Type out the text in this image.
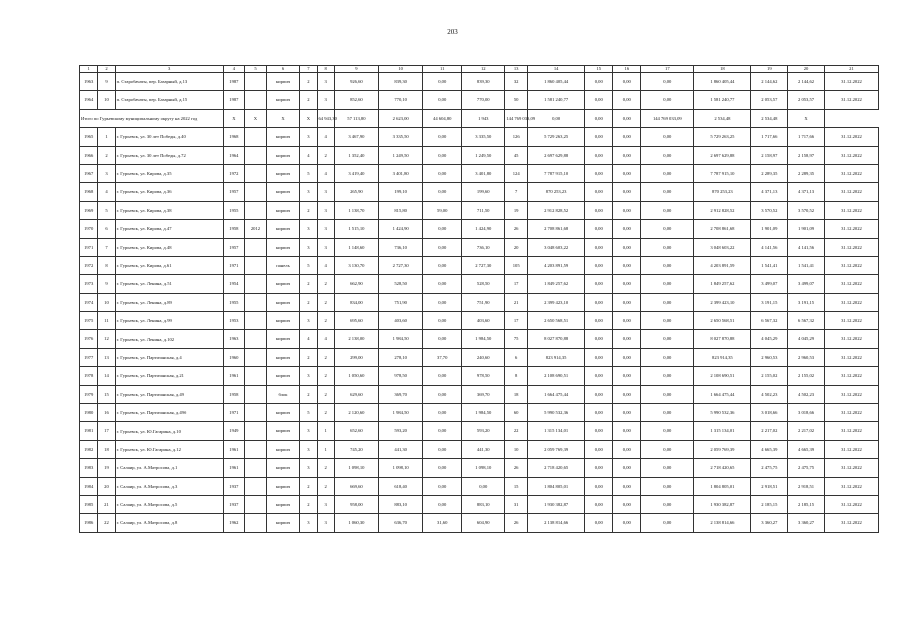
203
1	2	3	4	5	6	7	8	9	10	11	12	13	14	15	16	17	18	19	20	21
1963	9	п. Старобачаты, пер. Базарный, д.13	1987		кирпич	2	3	926,60	839,30	0,00	839,30	32	1 860 405,44	0,00	0,00	0,00	1 860 405,44	2 144,62	2 144,62	31.12.2022
1964	10	п. Старобачаты, пер. Базарный, д.15	1987		кирпич	2	3	852,60	770,10	0,00	770,00	50	1 581 240,77	0,00	0,00	0,00	1 581 240,77	2 053,57	2 053,57	31.12.2022
Итого по Гурьевскому муниципальному округу на 2022 год			X	X	X	X	64 943,30	57 113,80	2 623,00	44 604,80	1 943	144 769 033,09	0,00	0,00	0,00	144 769 033,09	2 534,48	2 534,48	X	
1965	1	г. Гурьевск, ул. 30 лет Победы, д.40	1968		кирпич	3	4	3 467,90	3 335,50	0,00	3 335,50	126	5 729 263,25	0,00	0,00	0,00	5 729 263,25	1 717,66	1 717,66	31.12.2022
1966	2	г. Гурьевск, ул. 30 лет Победы, д.72	1964		кирпич	4	2	1 352,40	1 249,50	0,00	1 249,50	45	2 697 629,88	0,00	0,00	0,00	2 697 629,88	2 158,97	2 158,97	31.12.2022
1967	3	г. Гурьевск, ул. Кирова, д.35	1972		кирпич	5	4	3 419,40	3 401,80	0,00	3 401,80	124	7 787 915,10	0,00	0,00	0,00	7 787 915,10	2 289,35	2 289,35	31.12.2022
1968	4	г. Гурьевск, ул. Кирова, д.36	1957		кирпич	3	3	265,90	199,10	0,00	199,60	7	870 253,23	0,00	0,00	0,00	870 253,23	4 371,13	4 371,13	31.12.2022
1969	5	г. Гурьевск, ул. Кирова, д.38	1955		кирпич	2	3	1 138,70	815,80	59,00	711,50	19	2 912 828,52	0,00	0,00	0,00	2 912 828,52	3 570,52	3 570,52	31.12.2022
1970	6	г. Гурьевск, ул. Кирова, д.47	1958	2012	кирпич	3	3	1 515,10	1 424,90	0,00	1 424,90	26	2 708 861,68	0,00	0,00	0,00	2 708 861,68	1 901,09	1 901,09	31.12.2022
1971	7	г. Гурьевск, ул. Кирова, д.48	1957		кирпич	3	3	1 148,60	736,10	0,00	736,10	20	3 048 603,22	0,00	0,00	0,00	3 048 603,22	4 141,56	4 141,56	31.12.2022
1972	8	г. Гурьевск, ул. Кирова, д.61	1971		панель	5	4	3 130,70	2 727,30	0,00	2 727,30	105	4 203 891,59	0,00	0,00	0,00	4 203 891,59	1 541,41	1 541,41	31.12.2022
1973	9	г. Гурьевск, ул. Ленина, д.51	1954		кирпич	2	2	662,90	528,50	0,00	528,50	17	1 849 257,62	0,00	0,00	0,00	1 849 257,62	3 499,07	3 499,07	31.12.2022
1974	10	г. Гурьевск, ул. Ленина, д.89	1955		кирпич	2	2	834,00	751,90	0,00	751,90	21	2 399 423,10	0,00	0,00	0,00	2 399 423,10	3 191,15	3 191,15	31.12.2022
1975	11	г. Гурьевск, ул. Ленина, д.99	1953		кирпич	3	2	695,60	403,60	0,00	403,60	17	2 650 568,51	0,00	0,00	0,00	2 650 568,51	6 567,32	6 567,32	31.12.2022
1976	12	г. Гурьевск, ул. Ленина, д.102	1963		кирпич	4	4	2 138,00	1 984,50	0,00	1 984,50	75	8 027 870,88	0,00	0,00	0,00	8 027 870,88	4 045,29	4 045,29	31.12.2022
1977	13	г. Гурьевск, ул. Партизанская, д.4	1960		кирпич	2	2	299,00	278,10	37,70	240,60	6	823 914,35	0,00	0,00	0,00	823 914,35	2 960,53	2 960,53	31.12.2022
1978	14	г. Гурьевск, ул. Партизанская, д.21	1961		кирпич	3	2	1 050,60	978,50	0,00	978,50	8	2 108 690,51	0,00	0,00	0,00	2 108 690,51	2 155,02	2 155,02	31.12.2022
1979	15	г. Гурьевск, ул. Партизанская, д.49	1958		блок	2	2	629,60	369,70	0,00	369,70	18	1 664 475,44	0,00	0,00	0,00	1 664 475,44	4 502,23	4 502,23	31.12.2022
1980	16	г. Гурьевск, ул. Партизанская, д.49б	1971		кирпич	5	2	2 120,60	1 984,50	0,00	1 984,50	60	5 990 532,36	0,00	0,00	0,00	5 990 532,36	3 018,66	3 018,66	31.12.2022
1981	17	г. Гурьевск, ул. Ю.Гагарина, д.10	1949		кирпич	3	1	652,60	593,20	0,00	593,20	22	1 315 134,01	0,00	0,00	0,00	1 315 134,01	2 217,02	2 217,02	31.12.2022
1982	18	г. Гурьевск, ул. Ю.Гагарина, д.12	1961		кирпич	3	1	745,20	441,30	0,00	441,30	10	2 059 769,39	0,00	0,00	0,00	2 059 769,39	4 665,39	4 665,39	31.12.2022
1983	19	г. Салаир, ул. А.Матросова, д.1	1961		кирпич	3	2	1 098,10	1 098,10	0,00	1 098,10	26	2 718 420,65	0,00	0,00	0,00	2 718 420,65	2 475,75	2 475,75	31.12.2022
1984	20	г. Салаир, ул. А.Матросова, д.3	1937		кирпич	2	2	669,60	618,40	0,00	0,00	15	1 804 805,01	0,00	0,00	0,00	1 804 805,01	2 918,51	2 918,51	31.12.2022
1985	21	г. Салаир, ул. А.Матросова, д.5	1937		кирпич	2	3	958,00	883,10	0,00	883,10	31	1 930 382,87	0,00	0,00	0,00	1 930 382,87	2 185,15	2 185,15	31.12.2022
1986	22	г. Салаир, ул. А.Матросова, д.8	1962		кирпич	3	3	1 060,30	636,70	31,60	604,90	26	2 138 814,66	0,00	0,00	0,00	2 138 814,66	3 360,27	3 360,27	31.12.2022
